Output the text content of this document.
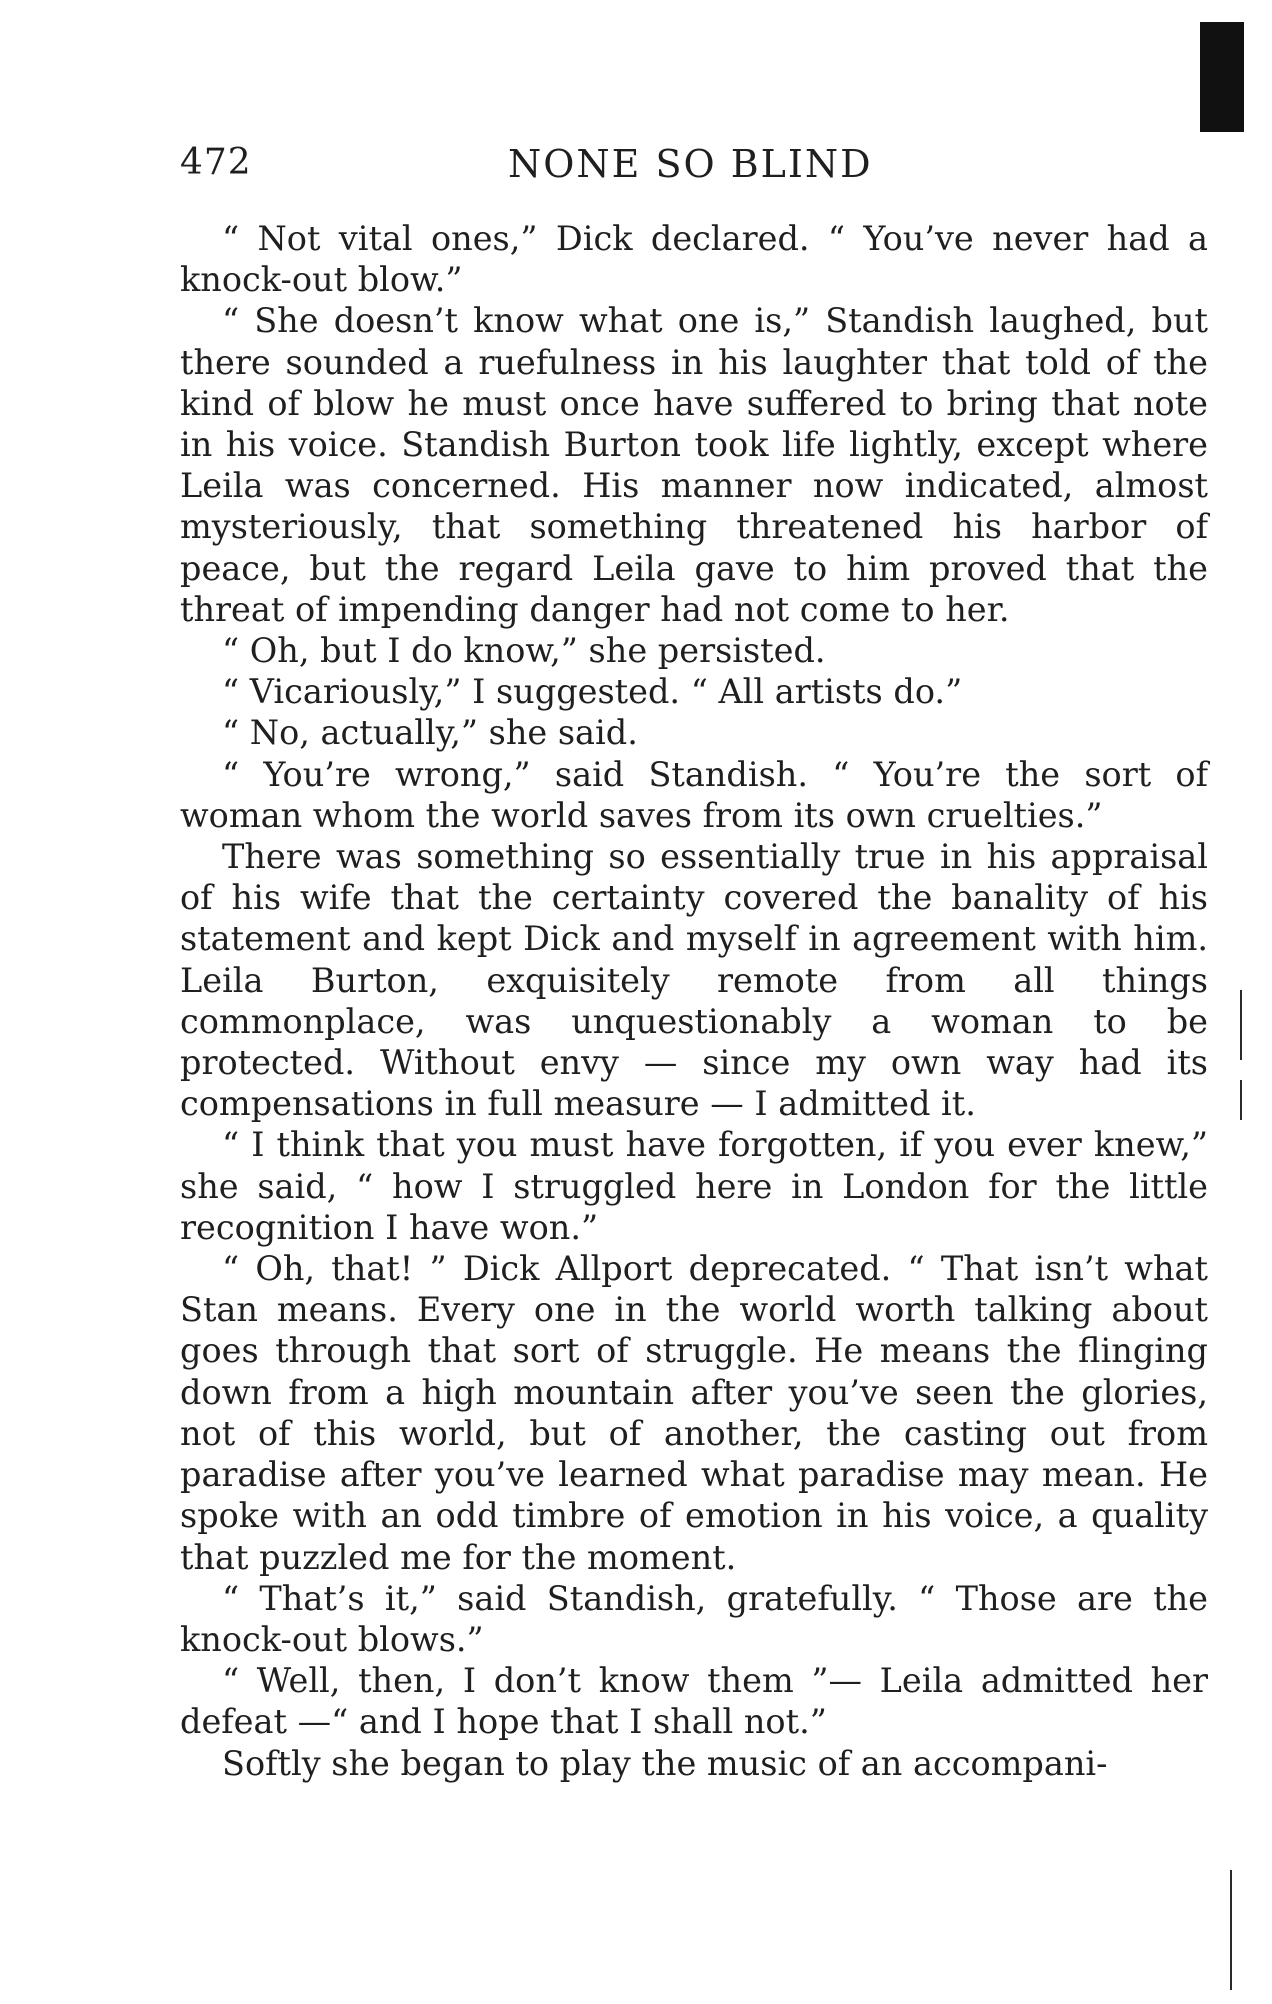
472	NONE SO BLIND

“ Not vital ones,” Dick declared. “ You’ve never had a knock-out blow.”

“ She doesn’t know what one is,” Standish laughed, but there sounded a ruefulness in his laughter that told of the kind of blow he must once have suffered to bring that note in his voice. Standish Burton took life lightly, except where Leila was concerned. His manner now indicated, almost mysteriously, that something threatened his harbor of peace, but the regard Leila gave to him proved that the threat of impending danger had not come to her.

“ Oh, but I do know,” she persisted.

“ Vicariously,” I suggested. “ All artists do.”

“ No, actually,” she said.

“ You’re wrong,” said Standish. “ You’re the sort of woman whom the world saves from its own cruelties.”

There was something so essentially true in his appraisal of his wife that the certainty covered the banality of his statement and kept Dick and myself in agreement with him. Leila Burton, exquisitely remote from all things commonplace, was unquestionably a woman to be protected. Without envy — since my own way had its compensations in full measure — I admitted it.

“ I think that you must have forgotten, if you ever knew,” she said, “ how I struggled here in London for the little recognition I have won.”

“ Oh, that! ” Dick Allport deprecated. “ That isn’t what Stan means. Every one in the world worth talking about goes through that sort of struggle. He means the flinging down from a high mountain after you’ve seen the glories, not of this world, but of another, the casting out from paradise after you’ve learned what paradise may mean. He spoke with an odd timbre of emotion in his voice, a quality that puzzled me for the moment.

“ That’s it,” said Standish, gratefully. “ Those are the knock-out blows.”

“ Well, then, I don’t know them ”— Leila admitted her defeat —“ and I hope that I shall not.”

Softly she began to play the music of an accompani-
